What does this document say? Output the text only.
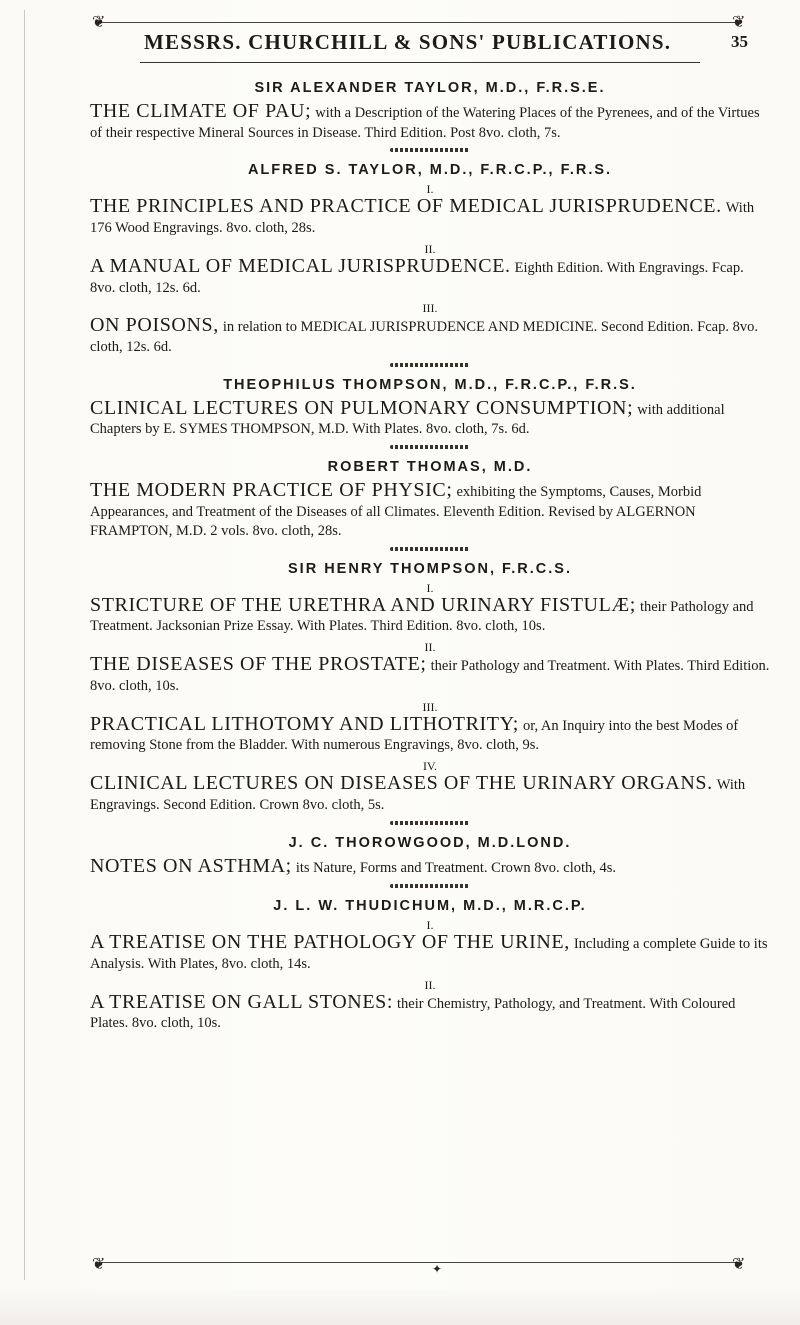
❦	❦
MESSRS. CHURCHILL & SONS' PUBLICATIONS.	35
SIR ALEXANDER TAYLOR, M.D., F.R.S.E.
THE CLIMATE OF PAU; with a Description of the Watering Places of the Pyrenees, and of the Virtues of their respective Mineral Sources in Disease. Third Edition. Post 8vo. cloth, 7s.
ALFRED S. TAYLOR, M.D., F.R.C.P., F.R.S.
I.
THE PRINCIPLES AND PRACTICE OF MEDICAL JURISPRUDENCE. With 176 Wood Engravings. 8vo. cloth, 28s.
II.
A MANUAL OF MEDICAL JURISPRUDENCE. Eighth Edition. With Engravings. Fcap. 8vo. cloth, 12s. 6d.
III.
ON POISONS, in relation to MEDICAL JURISPRUDENCE AND MEDICINE. Second Edition. Fcap. 8vo. cloth, 12s. 6d.
THEOPHILUS THOMPSON, M.D., F.R.C.P., F.R.S.
CLINICAL LECTURES ON PULMONARY CONSUMPTION; with additional Chapters by E. SYMES THOMPSON, M.D. With Plates. 8vo. cloth, 7s. 6d.
ROBERT THOMAS, M.D.
THE MODERN PRACTICE OF PHYSIC; exhibiting the Symptoms, Causes, Morbid Appearances, and Treatment of the Diseases of all Climates. Eleventh Edition. Revised by ALGERNON FRAMPTON, M.D. 2 vols. 8vo. cloth, 28s.
SIR HENRY THOMPSON, F.R.C.S.
I.
STRICTURE OF THE URETHRA AND URINARY FISTULÆ; their Pathology and Treatment. Jacksonian Prize Essay. With Plates. Third Edition. 8vo. cloth, 10s.
II.
THE DISEASES OF THE PROSTATE; their Pathology and Treatment. With Plates. Third Edition. 8vo. cloth, 10s.
III.
PRACTICAL LITHOTOMY AND LITHOTRITY; or, An Inquiry into the best Modes of removing Stone from the Bladder. With numerous Engravings, 8vo. cloth, 9s.
IV.
CLINICAL LECTURES ON DISEASES OF THE URINARY ORGANS. With Engravings. Second Edition. Crown 8vo. cloth, 5s.
J. C. THOROWGOOD, M.D.LOND.
NOTES ON ASTHMA; its Nature, Forms and Treatment. Crown 8vo. cloth, 4s.
J. L. W. THUDICHUM, M.D., M.R.C.P.
I.
A TREATISE ON THE PATHOLOGY OF THE URINE, Including a complete Guide to its Analysis. With Plates, 8vo. cloth, 14s.
II.
A TREATISE ON GALL STONES: their Chemistry, Pathology, and Treatment. With Coloured Plates. 8vo. cloth, 10s.
❦	❦
✦
